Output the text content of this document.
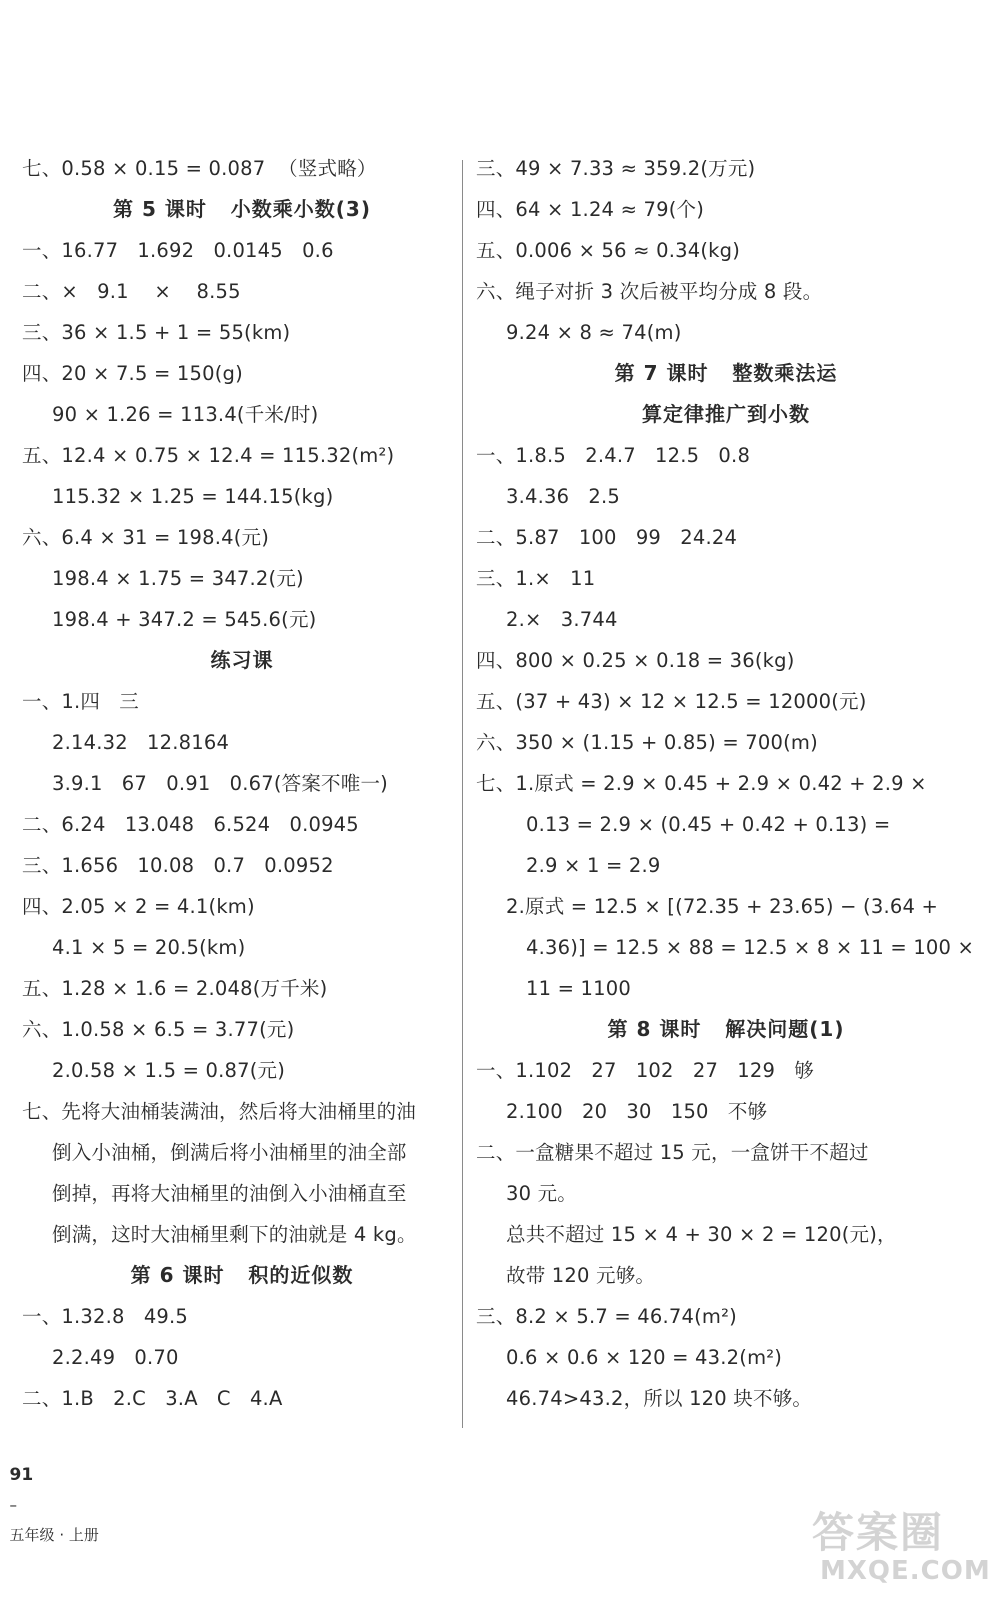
七、0.58 × 0.15 = 0.087  （竖式略）
第 5 课时   小数乘小数(3)
一、16.77   1.692   0.0145   0.6
二、×   9.1    ×    8.55
三、36 × 1.5 + 1 = 55(km)
四、20 × 7.5 = 150(g)
90 × 1.26 = 113.4(千米/时)
五、12.4 × 0.75 × 12.4 = 115.32(m²)
115.32 × 1.25 = 144.15(kg)
六、6.4 × 31 = 198.4(元)
198.4 × 1.75 = 347.2(元)
198.4 + 347.2 = 545.6(元)
练习课
一、1.四   三
2.14.32   12.8164
3.9.1   67   0.91   0.67(答案不唯一)
二、6.24   13.048   6.524   0.0945
三、1.656   10.08   0.7   0.0952
四、2.05 × 2 = 4.1(km)
4.1 × 5 = 20.5(km)
五、1.28 × 1.6 = 2.048(万千米)
六、1.0.58 × 6.5 = 3.77(元)
2.0.58 × 1.5 = 0.87(元)
七、先将大油桶装满油，然后将大油桶里的油
倒入小油桶，倒满后将小油桶里的油全部
倒掉，再将大油桶里的油倒入小油桶直至
倒满，这时大油桶里剩下的油就是 4 kg。
第 6 课时   积的近似数
一、1.32.8   49.5
2.2.49   0.70
二、1.B   2.C   3.A   C   4.A
三、49 × 7.33 ≈ 359.2(万元)
四、64 × 1.24 ≈ 79(个)
五、0.006 × 56 ≈ 0.34(kg)
六、绳子对折 3 次后被平均分成 8 段。
9.24 × 8 ≈ 74(m)
第 7 课时   整数乘法运
算定律推广到小数
一、1.8.5   2.4.7   12.5   0.8
3.4.36   2.5
二、5.87   100   99   24.24
三、1.×   11
2.×   3.744
四、800 × 0.25 × 0.18 = 36(kg)
五、(37 + 43) × 12 × 12.5 = 12000(元)
六、350 × (1.15 + 0.85) = 700(m)
七、1.原式 = 2.9 × 0.45 + 2.9 × 0.42 + 2.9 ×
0.13 = 2.9 × (0.45 + 0.42 + 0.13) =
2.9 × 1 = 2.9
2.原式 = 12.5 × [(72.35 + 23.65) − (3.64 +
4.36)] = 12.5 × 88 = 12.5 × 8 × 11 = 100 ×
11 = 1100
第 8 课时   解决问题(1)
一、1.102   27   102   27   129   够
2.100   20   30   150   不够
二、一盒糖果不超过 15 元，一盒饼干不超过
30 元。
总共不超过 15 × 4 + 30 × 2 = 120(元)，
故带 120 元够。
三、8.2 × 5.7 = 46.74(m²)
0.6 × 0.6 × 120 = 43.2(m²)
46.74>43.2，所以 120 块不够。

91
–
五年级 · 上册	答案圈
MXQE.COM
